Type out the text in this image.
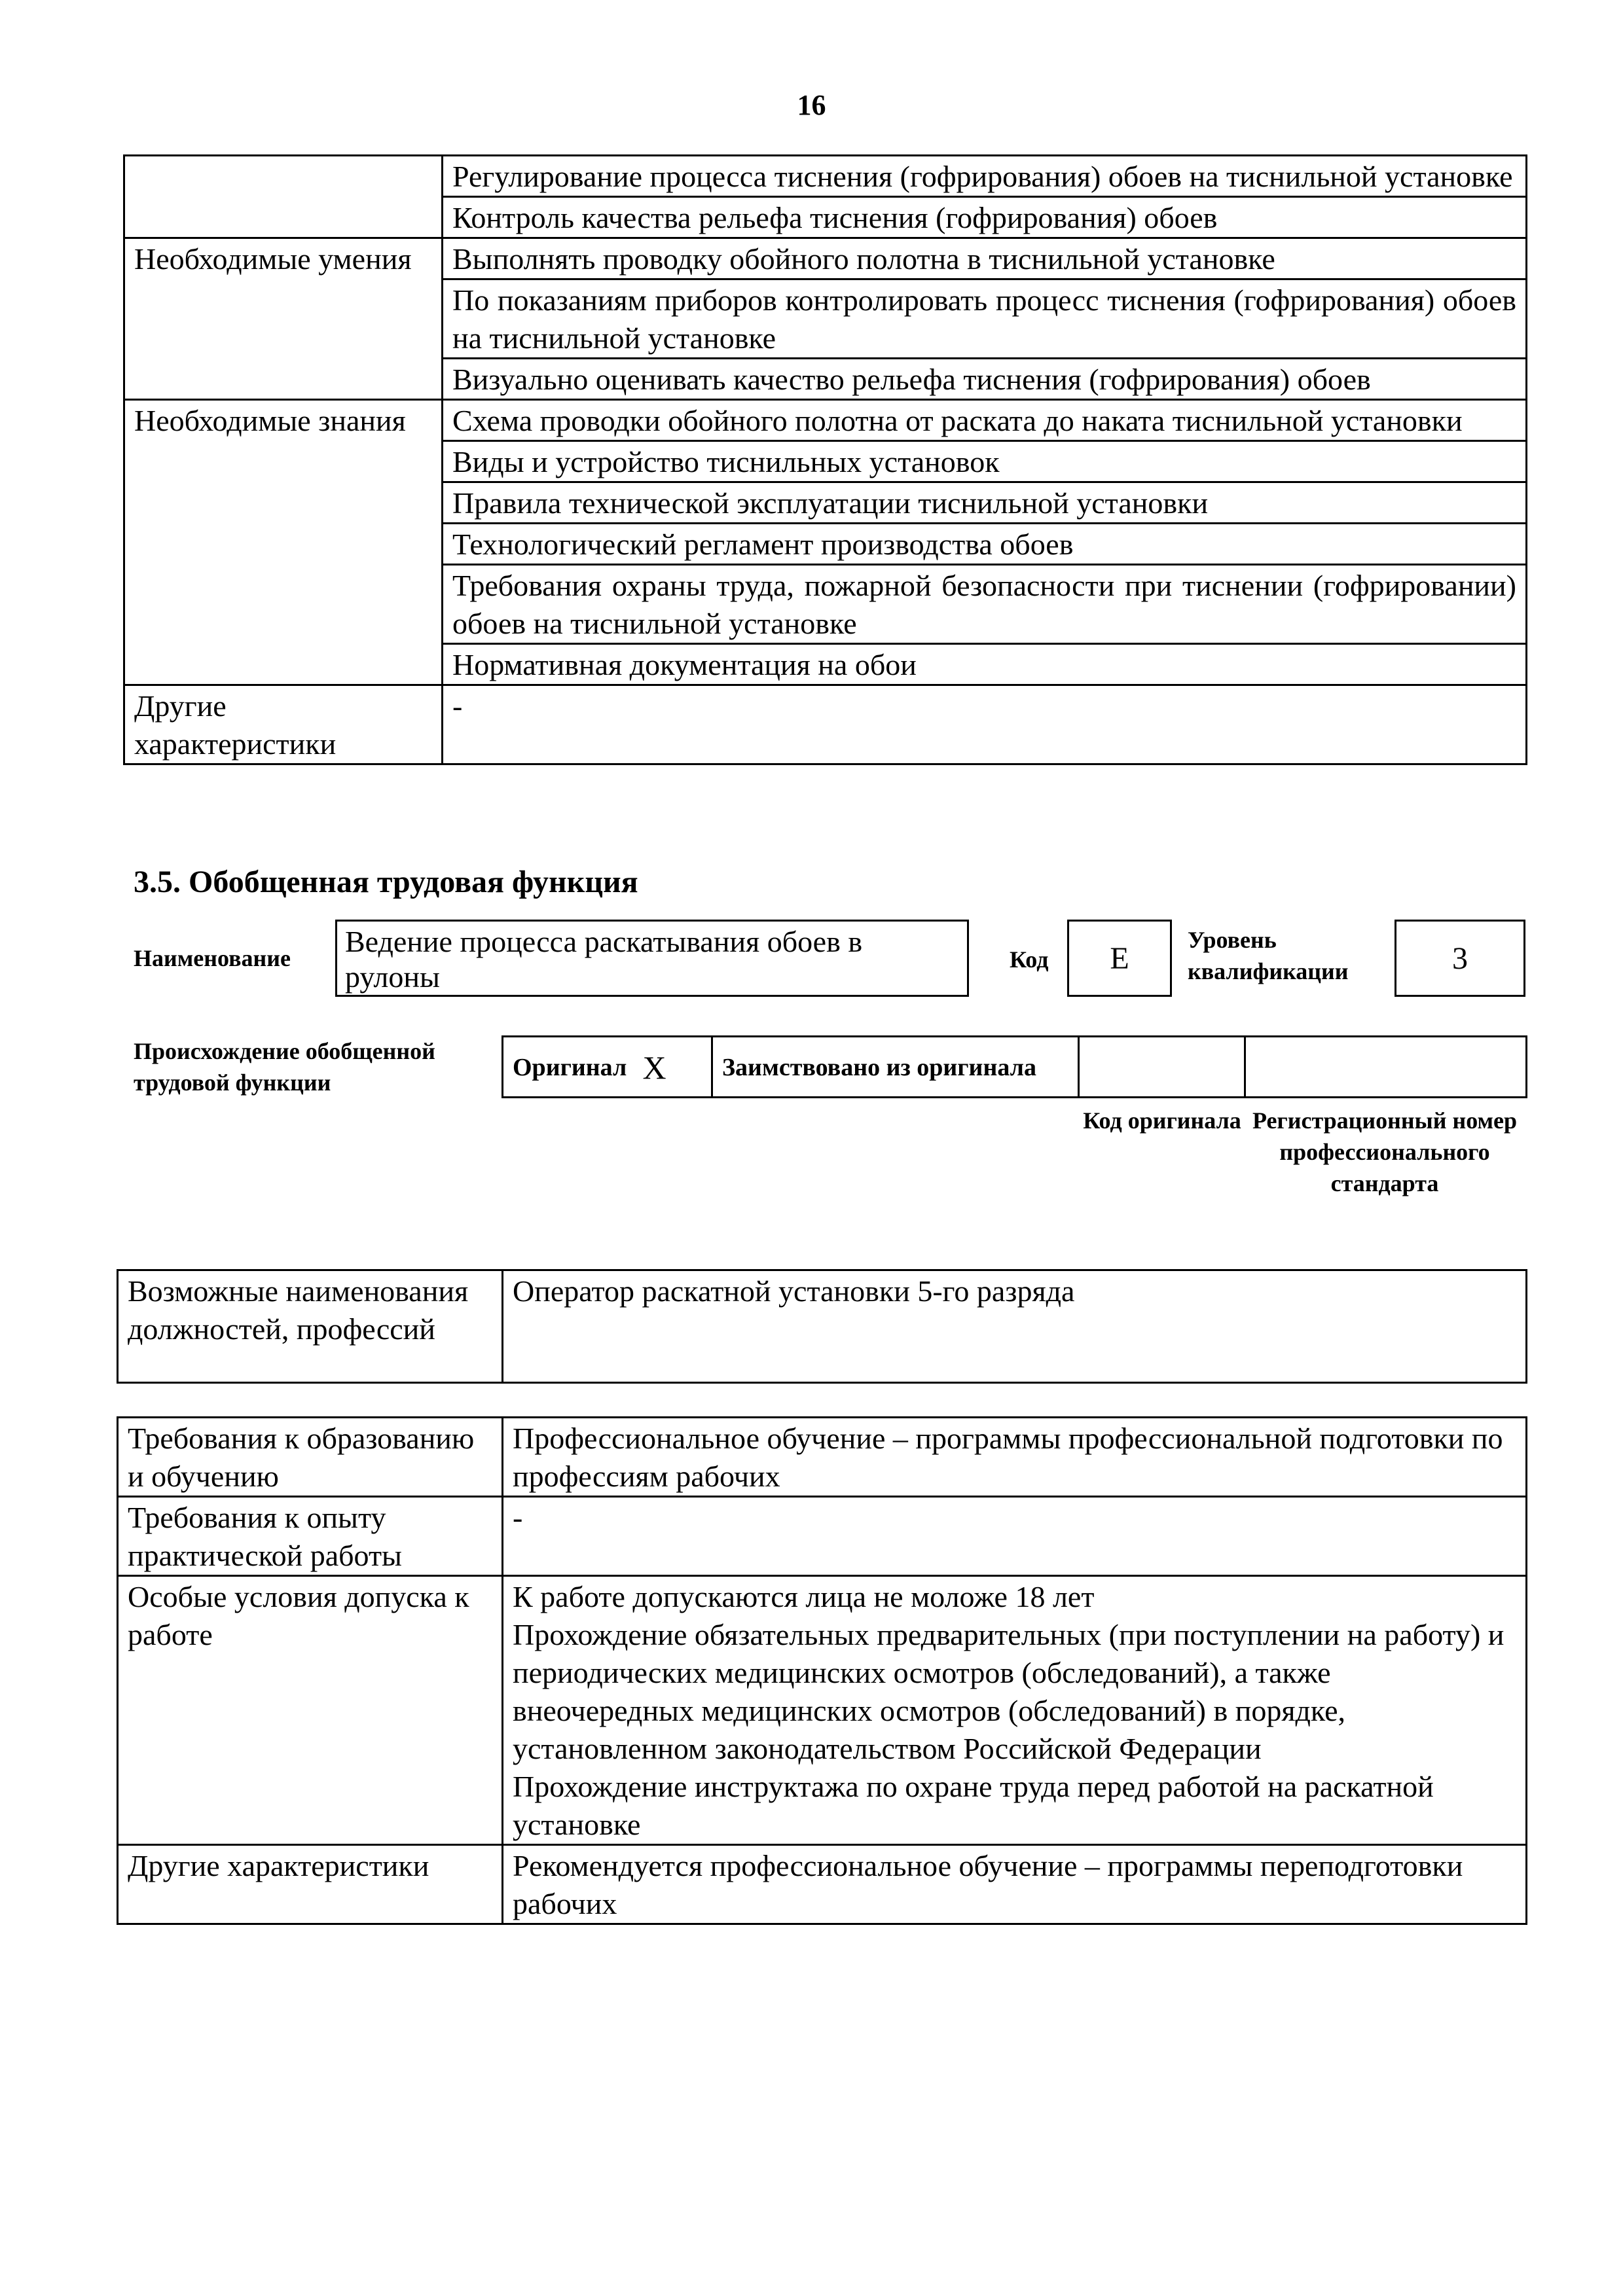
16
	Регулирование процесса тиснения (гофрирования) обоев на тиснильной установке
	Контроль качества рельефа тиснения (гофрирования) обоев
Необходимые умения	Выполнять проводку обойного полотна в тиснильной установке
	По показаниям приборов контролировать процесс тиснения (гофрирования) обоев на тиснильной установке
	Визуально оценивать качество рельефа тиснения (гофрирования) обоев
Необходимые знания	Схема проводки обойного полотна от раската до наката тиснильной установки
	Виды и устройство тиснильных установок
	Правила технической эксплуатации тиснильной установки
	Технологический регламент производства обоев
	Требования охраны труда, пожарной безопасности при тиснении (гофрировании) обоев на тиснильной установке
	Нормативная документация на обои
Другие характеристики	-
3.5. Обобщенная трудовая функция
Наименование	Ведение процесса раскатывания обоев в рулоны
Код Е
Уровень квалификации	3
Происхождение обобщенной трудовой функции
Оригинал	X	Заимствовано из оригинала		
Код оригинала Регистрационный номер профессионального стандарта
Возможные наименования должностей, профессий	Оператор раскатной установки 5-го разряда
Требования к образованию и обучению	Профессиональное обучение – программы профессиональной подготовки по профессиям рабочих
Требования к опыту практической работы	-
Особые условия допуска к работе	К работе допускаются лица не моложе 18 лет
Прохождение обязательных предварительных (при поступлении на работу) и периодических медицинских осмотров (обследований), а также внеочередных медицинских осмотров (обследований) в порядке, установленном законодательством Российской Федерации
Прохождение инструктажа по охране труда перед работой на раскатной установке
Другие характеристики	Рекомендуется профессиональное обучение – программы переподготовки рабочих
